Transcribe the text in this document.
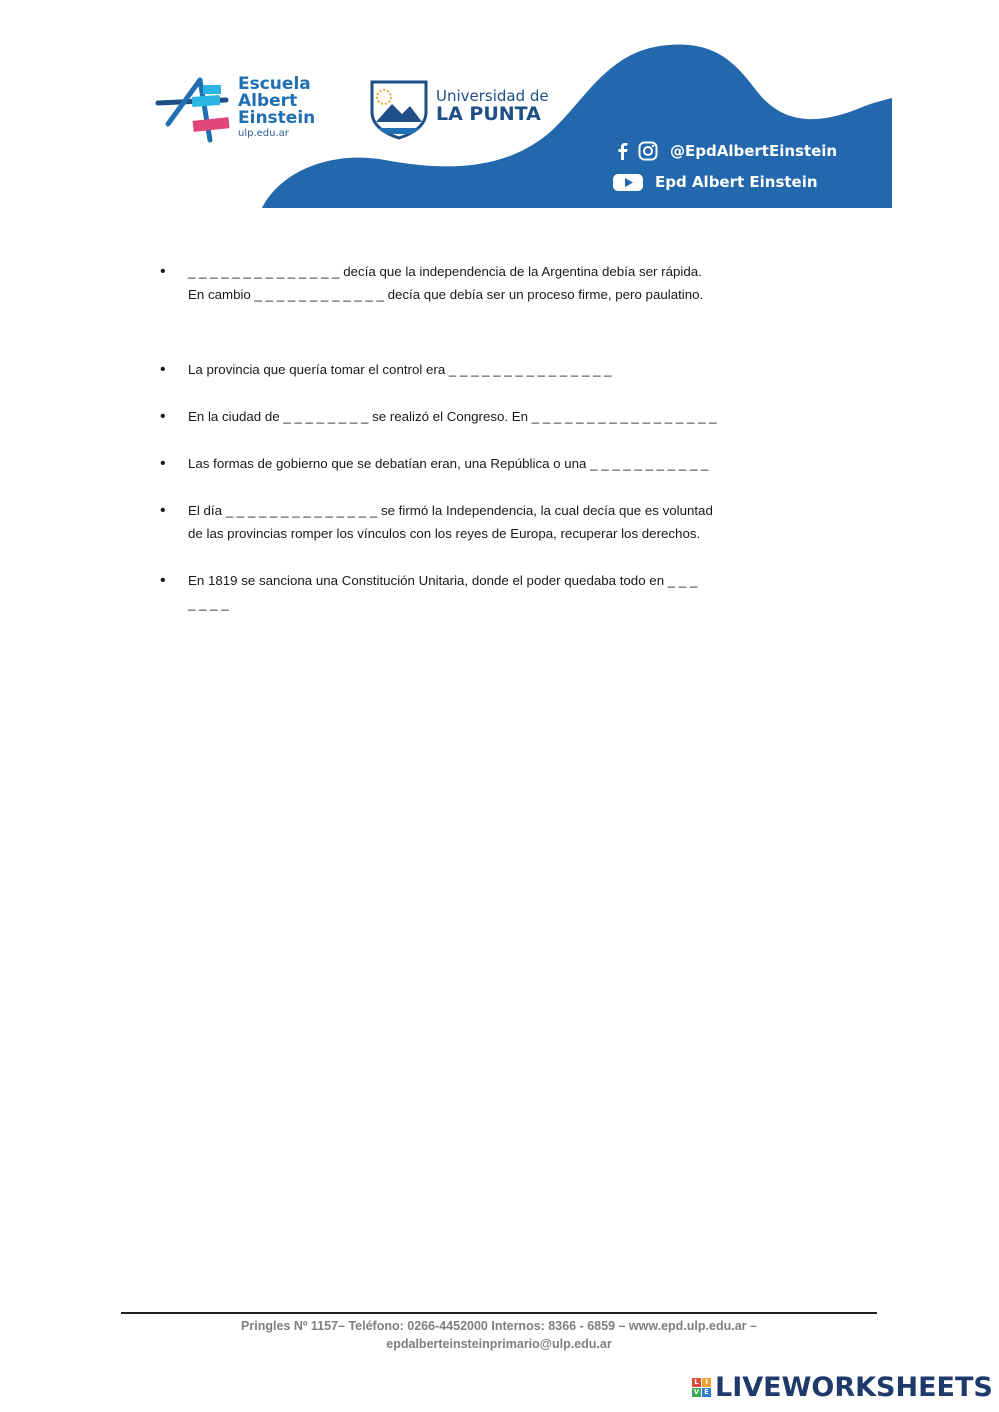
Escuela
Albert
Einstein
ulp.edu.ar
Universidad de
LA PUNTA
@EpdAlbertEinstein
Epd Albert Einstein
• _ _ _ _ _ _ _ _ _ _ _ _ _ _ decía que la independencia de la Argentina debía ser rápida.
En cambio _ _ _ _ _ _ _ _ _ _ _ _ decía que debía ser un proceso firme, pero paulatino.
• La provincia que quería tomar el control era _ _ _ _ _ _ _ _ _ _ _ _ _ _ _
• En la ciudad de _ _ _ _ _ _ _ _ se realizó el Congreso. En _ _ _ _ _ _ _ _ _ _ _ _ _ _ _ _ _
• Las formas de gobierno que se debatían eran, una República o una _ _ _ _ _ _ _ _ _ _ _
• El día _ _ _ _ _ _ _ _ _ _ _ _ _ _ se firmó la Independencia, la cual decía que es voluntad
de las provincias romper los vínculos con los reyes de Europa, recuperar los derechos.
• En 1819 se sanciona una Constitución Unitaria, donde el poder quedaba todo en _ _ _
_ _ _ _
Pringles Nº 1157– Teléfono: 0266-4452000 Internos: 8366 - 6859 – www.epd.ulp.edu.ar –
epdalberteinsteinprimario@ulp.edu.ar
L I
V E LIVEWORKSHEETS
